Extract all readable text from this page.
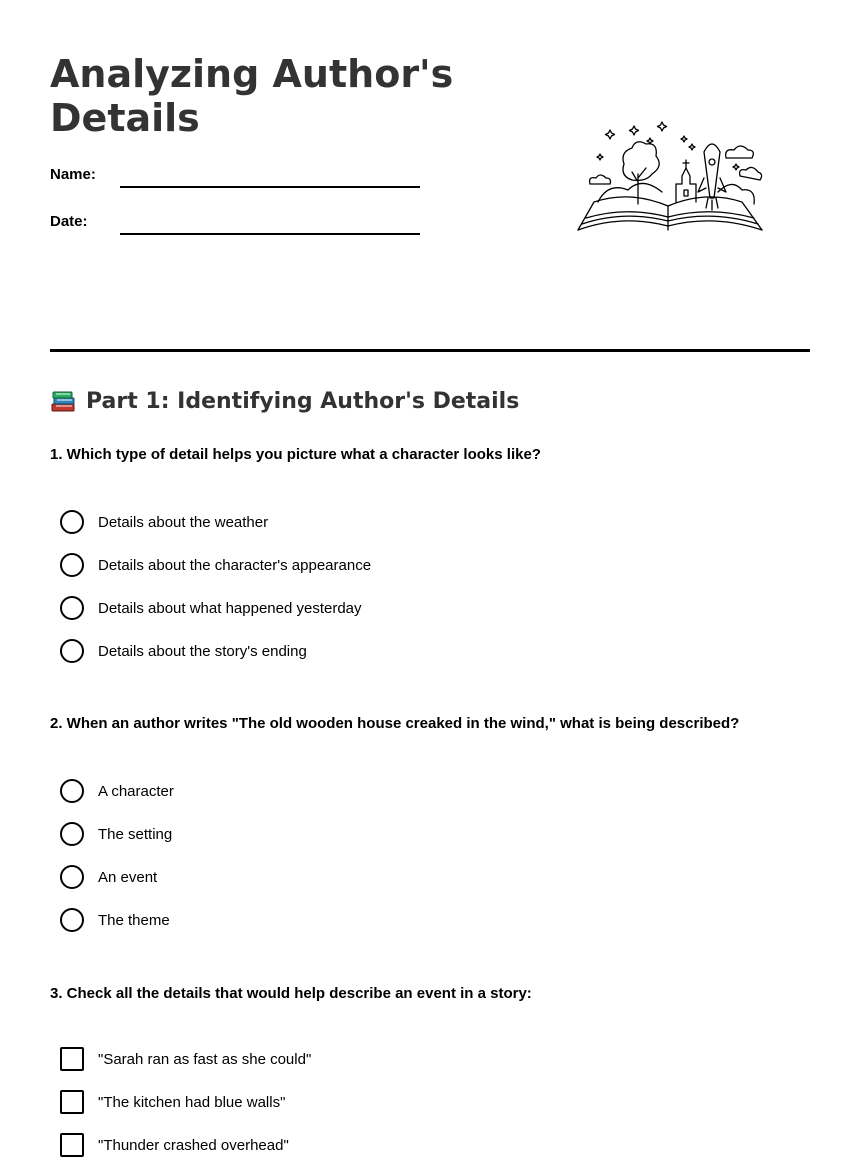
Analyzing Author's Details
Name:
Date:
Part 1: Identifying Author's Details

1. Which type of detail helps you picture what a character looks like?

Details about the weather
Details about the character's appearance
Details about what happened yesterday
Details about the story's ending

2. When an author writes "The old wooden house creaked in the wind," what is being described?

A character
The setting
An event
The theme

3. Check all the details that would help describe an event in a story:

"Sarah ran as fast as she could"
"The kitchen had blue walls"
"Thunder crashed overhead"
